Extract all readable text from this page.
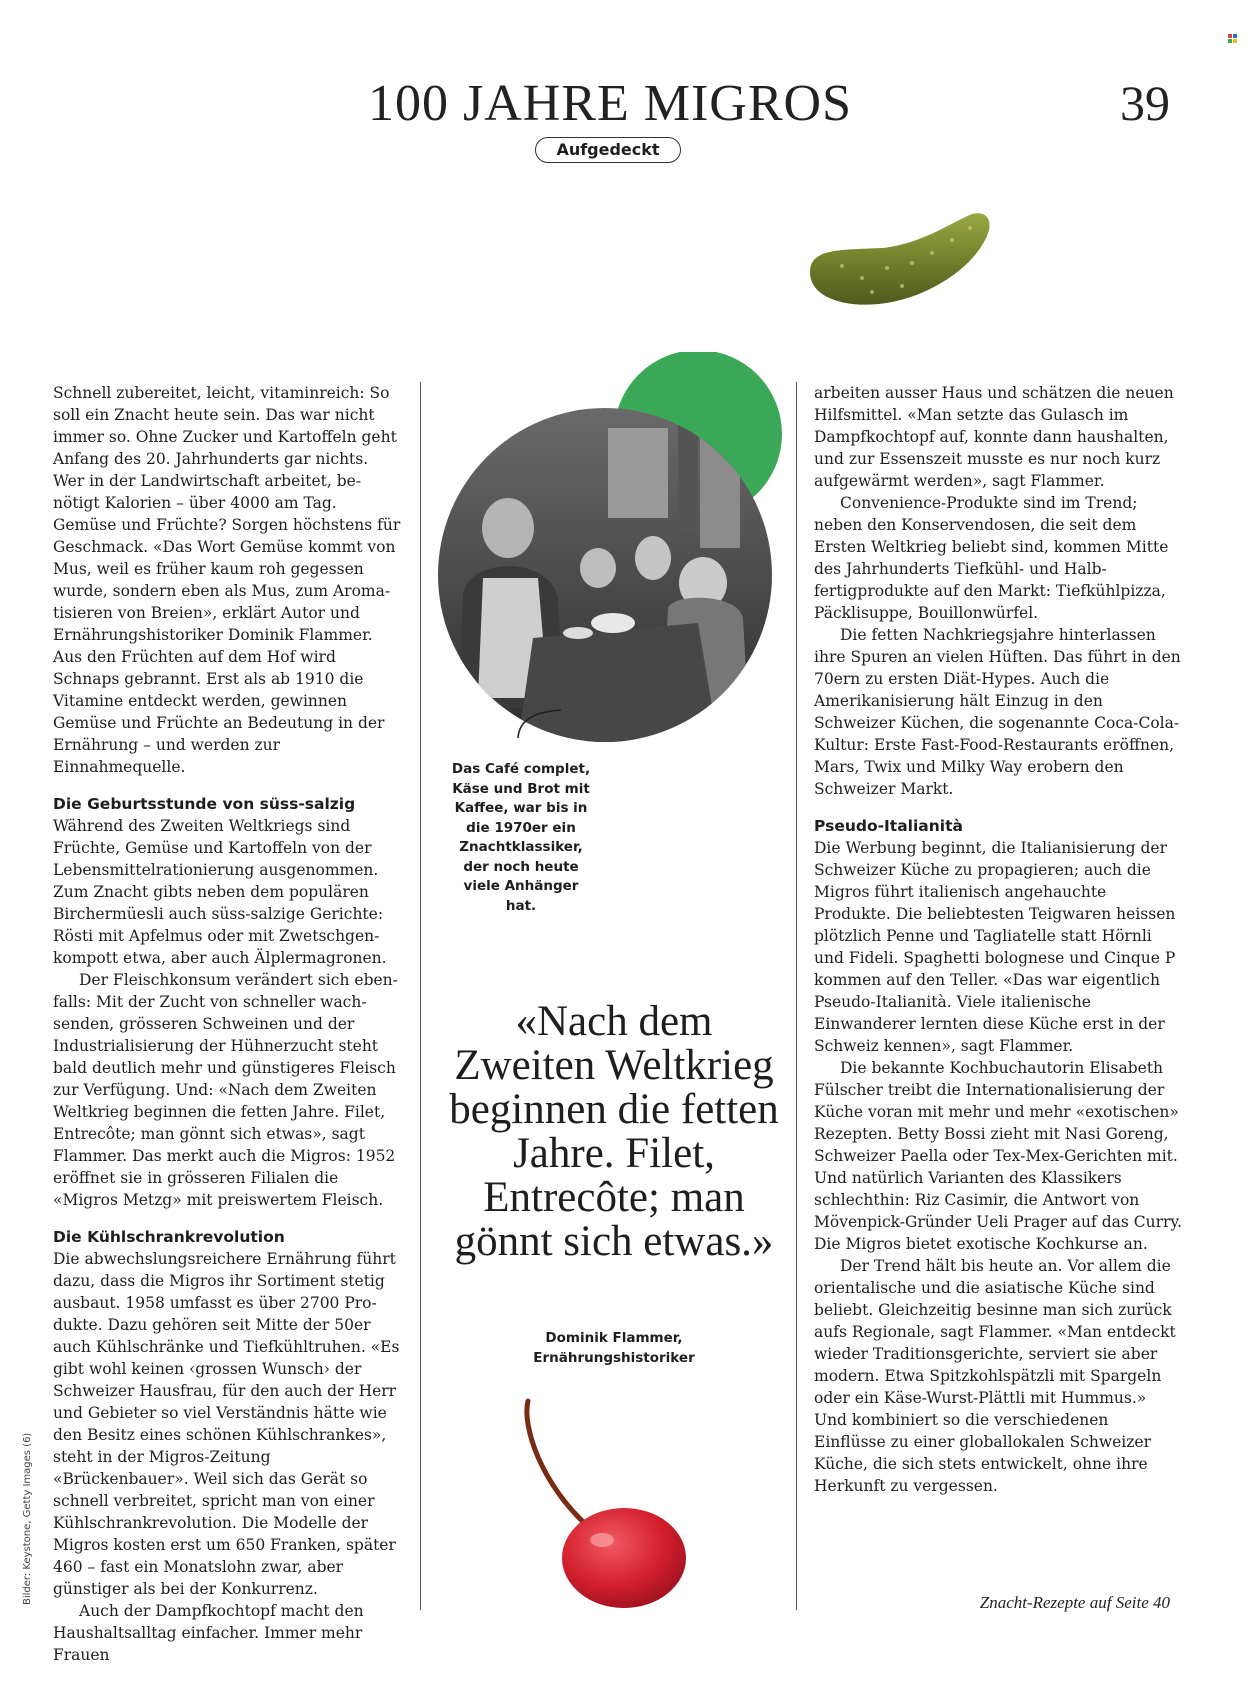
100 JAHRE MIGROS	39
Aufgedeckt

Schnell zubereitet, leicht, vitaminreich: So soll ein Znacht heute sein. Das war nicht immer so. Ohne Zucker und Kartoffeln geht Anfang des 20. Jahrhunderts gar nichts. Wer in der Landwirtschaft arbeitet, benötigt Kalorien – über 4000 am Tag. Gemüse und Früchte? Sorgen höchstens für Geschmack. «Das Wort Gemüse kommt von Mus, weil es früher kaum roh gegessen wurde, sondern eben als Mus, zum Aromatisieren von Breien», erklärt Autor und Ernährungshistoriker Dominik Flammer. Aus den Früchten auf dem Hof wird Schnaps gebrannt. Erst als ab 1910 die Vitamine entdeckt werden, gewinnen Gemüse und Früchte an Bedeutung in der Ernährung – und werden zur Einnahmequelle.

Die Geburtsstunde von süss-salzig

Während des Zweiten Weltkriegs sind Früchte, Gemüse und Kartoffeln von der Lebensmittelrationierung ausgenommen. Zum Znacht gibts neben dem populären Birchermüesli auch süss-salzige Gerichte: Rösti mit Apfelmus oder mit Zwetschgenkompott etwa, aber auch Älplermagronen.

Der Fleischkonsum verändert sich ebenfalls: Mit der Zucht von schneller wachsenden, grösseren Schweinen und der Industrialisierung der Hühnerzucht steht bald deutlich mehr und günstigeres Fleisch zur Verfügung. Und: «Nach dem Zweiten Weltkrieg beginnen die fetten Jahre. Filet, Entrecôte; man gönnt sich etwas», sagt Flammer. Das merkt auch die Migros: 1952 eröffnet sie in grösseren Filialen die «Migros Metzg» mit preiswertem Fleisch.

Die Kühlschrankrevolution

Die abwechslungsreichere Ernährung führt dazu, dass die Migros ihr Sortiment stetig ausbaut. 1958 umfasst es über 2700 Produkte. Dazu gehören seit Mitte der 50er auch Kühlschränke und Tiefkühltruhen. «Es gibt wohl keinen ‹grossen Wunsch› der Schweizer Hausfrau, für den auch der Herr und Gebieter so viel Verständnis hätte wie den Besitz eines schönen Kühlschrankes», steht in der Migros-Zeitung «Brückenbauer». Weil sich das Gerät so schnell verbreitet, spricht man von einer Kühlschrankrevolution. Die Modelle der Migros kosten erst um 650 Franken, später 460 – fast ein Monatslohn zwar, aber günstiger als bei der Konkurrenz.

Auch der Dampfkochtopf macht den Haushaltsalltag einfacher. Immer mehr Frauen

Das Café complet, Käse und Brot mit Kaffee, war bis in die 1970er ein Znachtklassiker, der noch heute viele Anhänger hat.
«Nach dem Zweiten Weltkrieg beginnen die fetten Jahre. Filet, Entrecôte; man gönnt sich etwas.»
Dominik Flammer,
Ernährungshistoriker

arbeiten ausser Haus und schätzen die neuen Hilfsmittel. «Man setzte das Gulasch im Dampfkochtopf auf, konnte dann haushalten, und zur Essenszeit musste es nur noch kurz aufgewärmt werden», sagt Flammer.

Convenience-Produkte sind im Trend; neben den Konservendosen, die seit dem Ersten Weltkrieg beliebt sind, kommen Mitte des Jahrhunderts Tiefkühl- und Halbfertigprodukte auf den Markt: Tiefkühlpizza, Päcklisuppe, Bouillonwürfel.

Die fetten Nachkriegsjahre hinterlassen ihre Spuren an vielen Hüften. Das führt in den 70ern zu ersten Diät-Hypes. Auch die Amerikanisierung hält Einzug in den Schweizer Küchen, die sogenannte Coca-Cola-Kultur: Erste Fast-Food-Restaurants eröffnen, Mars, Twix und Milky Way erobern den Schweizer Markt.

Pseudo-Italianità

Die Werbung beginnt, die Italianisierung der Schweizer Küche zu propagieren; auch die Migros führt italienisch angehauchte Produkte. Die beliebtesten Teigwaren heissen plötzlich Penne und Tagliatelle statt Hörnli und Fideli. Spaghetti bolognese und Cinque P kommen auf den Teller. «Das war eigentlich Pseudo-Italianità. Viele italienische Einwanderer lernten diese Küche erst in der Schweiz kennen», sagt Flammer.

Die bekannte Kochbuchautorin Elisabeth Fülscher treibt die Internationalisierung der Küche voran mit mehr und mehr «exotischen» Rezepten. Betty Bossi zieht mit Nasi Goreng, Schweizer Paella oder Tex-Mex-Gerichten mit. Und natürlich Varianten des Klassikers schlechthin: Riz Casimir, die Antwort von Mövenpick-Gründer Ueli Prager auf das Curry. Die Migros bietet exotische Kochkurse an.

Der Trend hält bis heute an. Vor allem die orientalische und die asiatische Küche sind beliebt. Gleichzeitig besinne man sich zurück aufs Regionale, sagt Flammer. «Man entdeckt wieder Traditionsgerichte, serviert sie aber modern. Etwa Spitzkohlspätzli mit Spargeln oder ein Käse-Wurst-Plättli mit Hummus.» Und kombiniert so die verschiedenen Einflüsse zu einer globallokalen Schweizer Küche, die sich stets entwickelt, ohne ihre Herkunft zu vergessen.

Znacht-Rezepte auf Seite 40
Bilder: Keystone, Getty Images (6)
